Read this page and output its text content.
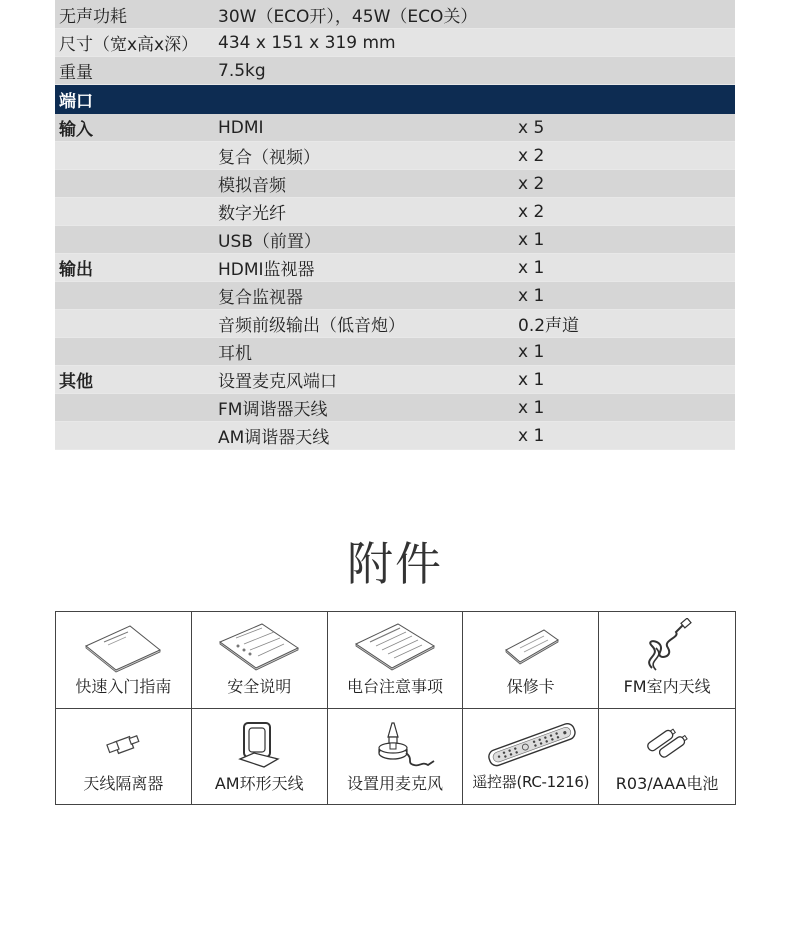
无声功耗	30W（ECO开），45W（ECO关）
尺寸（宽x高x深）	434 x 151 x 319 mm
重量	7.5kg
端口
输入	HDMI	x 5
复合（视频）	x 2
模拟音频	x 2
数字光纤	x 2
USB（前置）	x 1
输出	HDMI监视器	x 1
复合监视器	x 1
音频前级输出（低音炮）	0.2声道
耳机	x 1
其他	设置麦克风端口	x 1
FM调谐器天线	x 1
AM调谐器天线	x 1
附件
快速入门指南	安全说明	电台注意事项	保修卡	FM室内天线
天线隔离器	AM环形天线	设置用麦克风	遥控器(RC-1216)	R03/AAA电池
